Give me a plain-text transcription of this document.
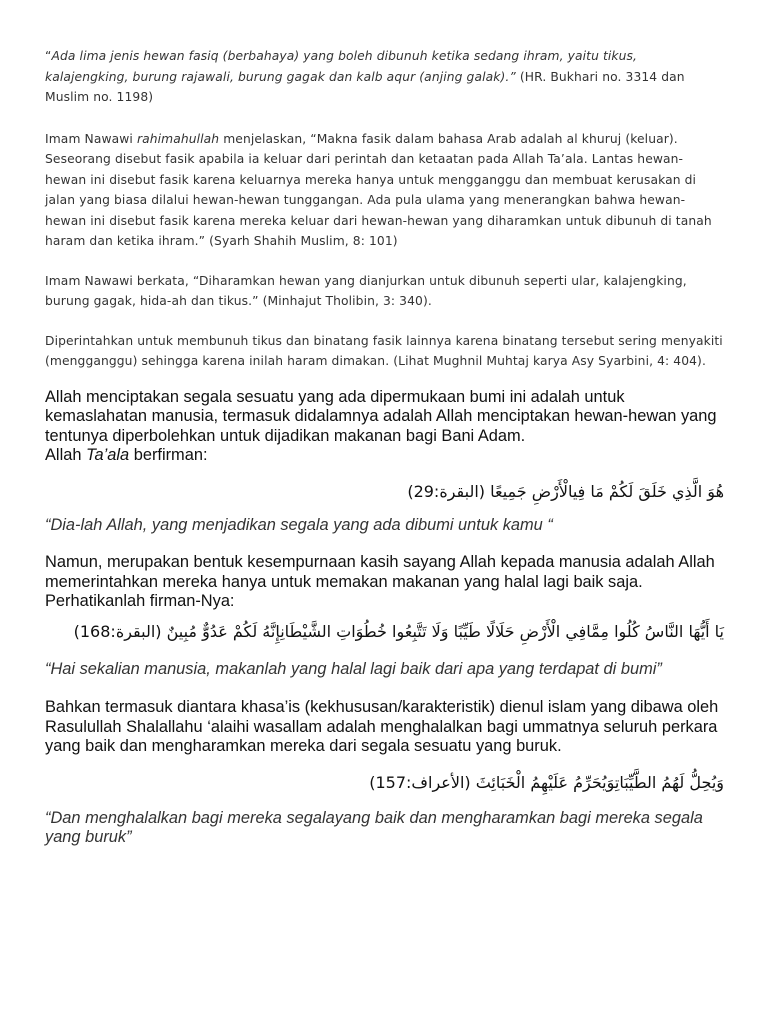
“Ada lima jenis hewan fasiq (berbahaya) yang boleh dibunuh ketika sedang ihram, yaitu tikus, kalajengking, burung rajawali, burung gagak dan kalb aqur (anjing galak).” (HR. Bukhari no. 3314 dan Muslim no. 1198)

Imam Nawawi rahimahullah menjelaskan, “Makna fasik dalam bahasa Arab adalah al khuruj (keluar). Seseorang disebut fasik apabila ia keluar dari perintah dan ketaatan pada Allah Ta’ala. Lantas hewan-hewan ini disebut fasik karena keluarnya mereka hanya untuk mengganggu dan membuat kerusakan di jalan yang biasa dilalui hewan-hewan tunggangan. Ada pula ulama yang menerangkan bahwa hewan-hewan ini disebut fasik karena mereka keluar dari hewan-hewan yang diharamkan untuk dibunuh di tanah haram dan ketika ihram.” (Syarh Shahih Muslim, 8: 101)

Imam Nawawi berkata, “Diharamkan hewan yang dianjurkan untuk dibunuh seperti ular, kalajengking, burung gagak, hida-ah dan tikus.” (Minhajut Tholibin, 3: 340).

Diperintahkan untuk membunuh tikus dan binatang fasik lainnya karena binatang tersebut sering menyakiti (mengganggu) sehingga karena inilah haram dimakan. (Lihat Mughnil Muhtaj karya Asy Syarbini, 4: 404).

Allah menciptakan segala sesuatu yang ada dipermukaan bumi ini adalah untuk kemaslahatan manusia, termasuk didalamnya adalah Allah menciptakan hewan-hewan yang tentunya diperbolehkan untuk dijadikan makanan bagi Bani Adam.
Allah Ta’ala berfirman:

هُوَ الَّذِي خَلَقَ لَكُمْ مَا فِيالْأَرْضِ جَمِيعًا (البقرة:29)

“Dia-lah Allah, yang menjadikan segala yang ada dibumi untuk kamu “

Namun, merupakan bentuk kesempurnaan kasih sayang Allah kepada manusia adalah Allah memerintahkan mereka hanya untuk memakan makanan yang halal lagi baik saja. Perhatikanlah firman-Nya:

يَا أَيُّهَا النَّاسُ كُلُوا مِمَّافِي الْأَرْضِ حَلَالًا طَيِّبًا وَلَا تَتَّبِعُوا خُطُوَاتِ الشَّيْطَانِإِنَّهُ لَكُمْ عَدُوٌّ مُبِينٌ (البقرة:168)

“Hai sekalian manusia, makanlah yang halal lagi baik dari apa yang terdapat di bumi”

Bahkan termasuk diantara khasa’is (kekhususan/karakteristik) dienul islam yang dibawa oleh Rasulullah Shalallahu ‘alaihi wasallam adalah menghalalkan bagi ummatnya seluruh perkara yang baik dan mengharamkan mereka dari segala sesuatu yang buruk.

وَيُحِلُّ لَهُمُ الطَّيِّبَاتِوَيُحَرِّمُ عَلَيْهِمُ الْخَبَائِثَ (الأعراف:157)

“Dan menghalalkan bagi mereka segalayang baik dan mengharamkan bagi mereka segala yang buruk”
